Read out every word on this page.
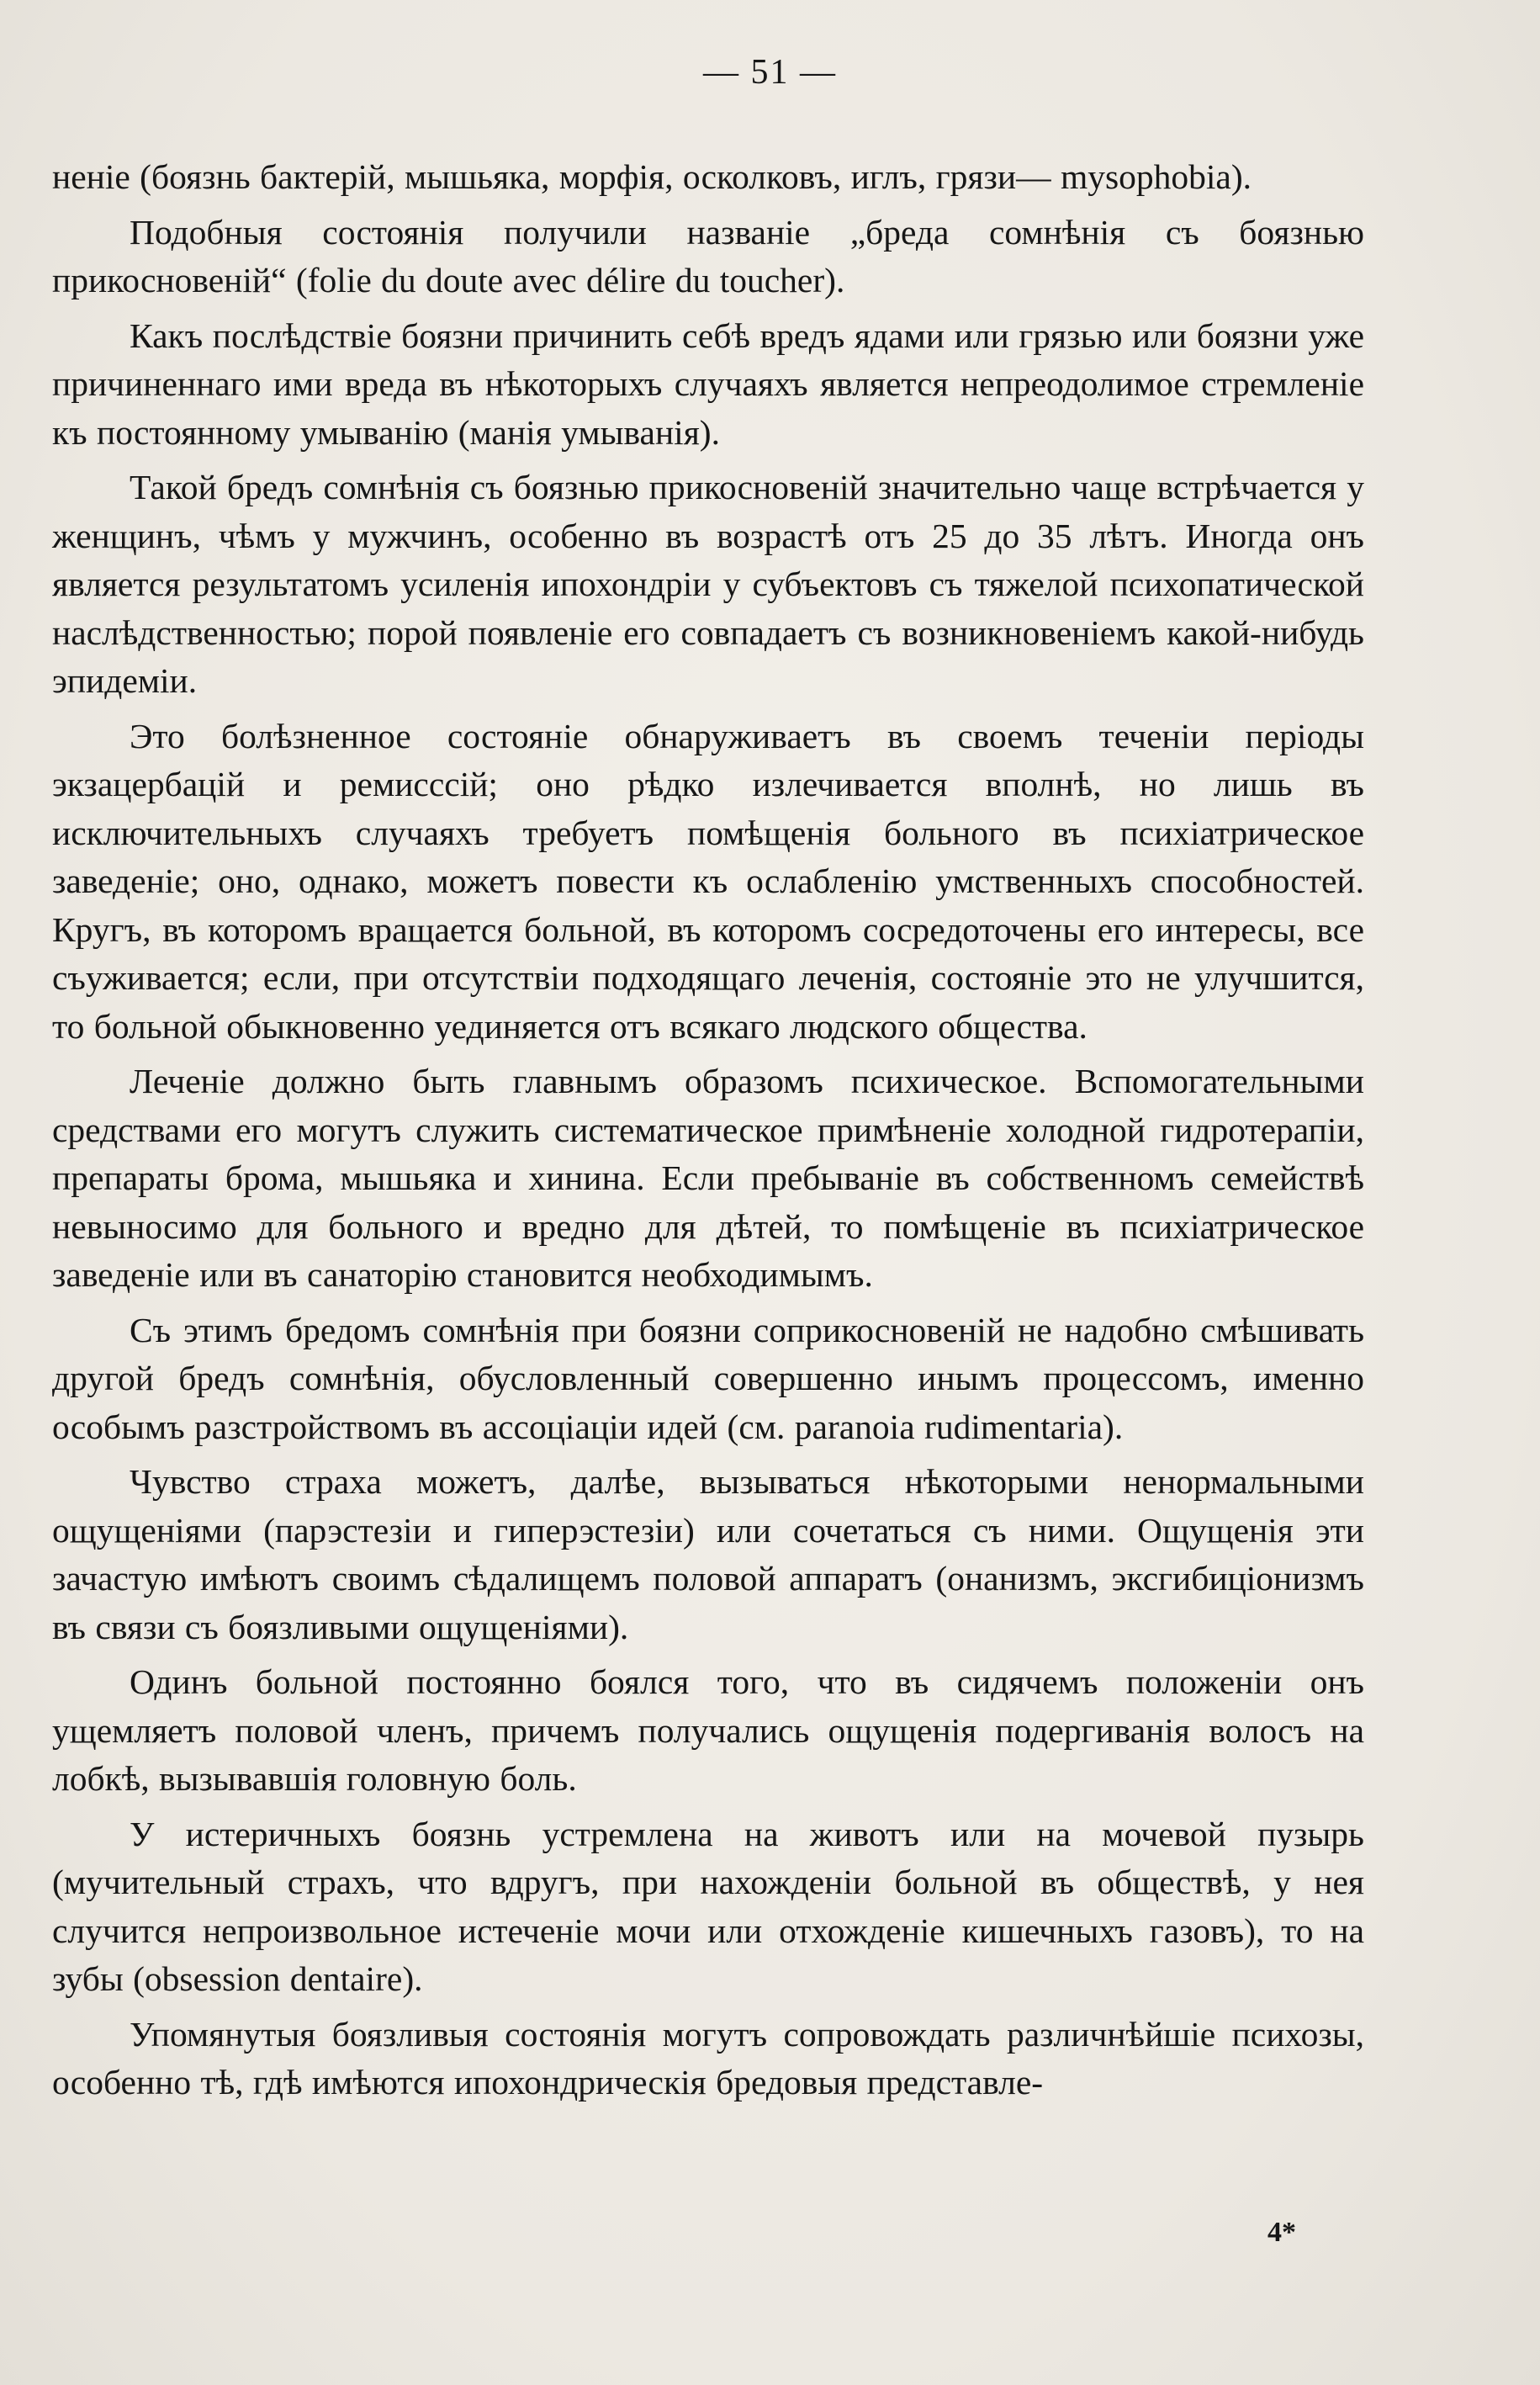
— 51 —

неніе (боязнь бактерій, мышьяка, морфія, осколковъ, иглъ, грязи— mysophobia).

Подобныя состоянія получили названіе „бреда сомнѣнія съ боязнью прикосновеній“ (folie du doute avec délire du toucher).

Какъ послѣдствіе боязни причинить себѣ вредъ ядами или грязью или боязни уже причиненнаго ими вреда въ нѣкоторыхъ случаяхъ является непреодолимое стремленіе къ постоянному умыванію (манія умыванія).

Такой бредъ сомнѣнія съ боязнью прикосновеній значительно чаще встрѣчается у женщинъ, чѣмъ у мужчинъ, особенно въ возрастѣ отъ 25 до 35 лѣтъ. Иногда онъ является результатомъ усиленія ипохондріи у субъектовъ съ тяжелой психопатической наслѣдственностью; порой появленіе его совпадаетъ съ возникновеніемъ какой-нибудь эпидеміи.

Это болѣзненное состояніе обнаруживаетъ въ своемъ теченіи періоды экзацербацій и ремисссій; оно рѣдко излечивается вполнѣ, но лишь въ исключительныхъ случаяхъ требуетъ помѣщенія больного въ психіатрическое заведеніе; оно, однако, можетъ повести къ ослабленію умственныхъ способностей. Кругъ, въ которомъ вращается больной, въ которомъ сосредоточены его интересы, все съуживается; если, при отсутствіи подходящаго леченія, состояніе это не улучшится, то больной обыкновенно уединяется отъ всякаго людского общества.

Леченіе должно быть главнымъ образомъ психическое. Вспомогательными средствами его могутъ служить систематическое примѣненіе холодной гидротерапіи, препараты брома, мышьяка и хинина. Если пребываніе въ собственномъ семействѣ невыносимо для больного и вредно для дѣтей, то помѣщеніе въ психіатрическое заведеніе или въ санаторію становится необходимымъ.

Съ этимъ бредомъ сомнѣнія при боязни соприкосновеній не надобно смѣшивать другой бредъ сомнѣнія, обусловленный совершенно инымъ процессомъ, именно особымъ разстройствомъ въ ассоціаціи идей (см. paranoia rudimentaria).

Чувство страха можетъ, далѣе, вызываться нѣкоторыми ненормальными ощущеніями (парэстезіи и гиперэстезіи) или сочетаться съ ними. Ощущенія эти зачастую имѣютъ своимъ сѣдалищемъ половой аппаратъ (онанизмъ, эксгибиціонизмъ въ связи съ боязливыми ощущеніями).

Одинъ больной постоянно боялся того, что въ сидячемъ положеніи онъ ущемляетъ половой членъ, причемъ получались ощущенія подергиванія волосъ на лобкѣ, вызывавшія головную боль.

У истеричныхъ боязнь устремлена на животъ или на мочевой пузырь (мучительный страхъ, что вдругъ, при нахожденіи больной въ обществѣ, у нея случится непроизвольное истеченіе мочи или отхожденіе кишечныхъ газовъ), то на зубы (obsession dentaire).

Упомянутыя боязливыя состоянія могутъ сопровождать различнѣйшіе психозы, особенно тѣ, гдѣ имѣются ипохондрическія бредовыя представле-

4*
